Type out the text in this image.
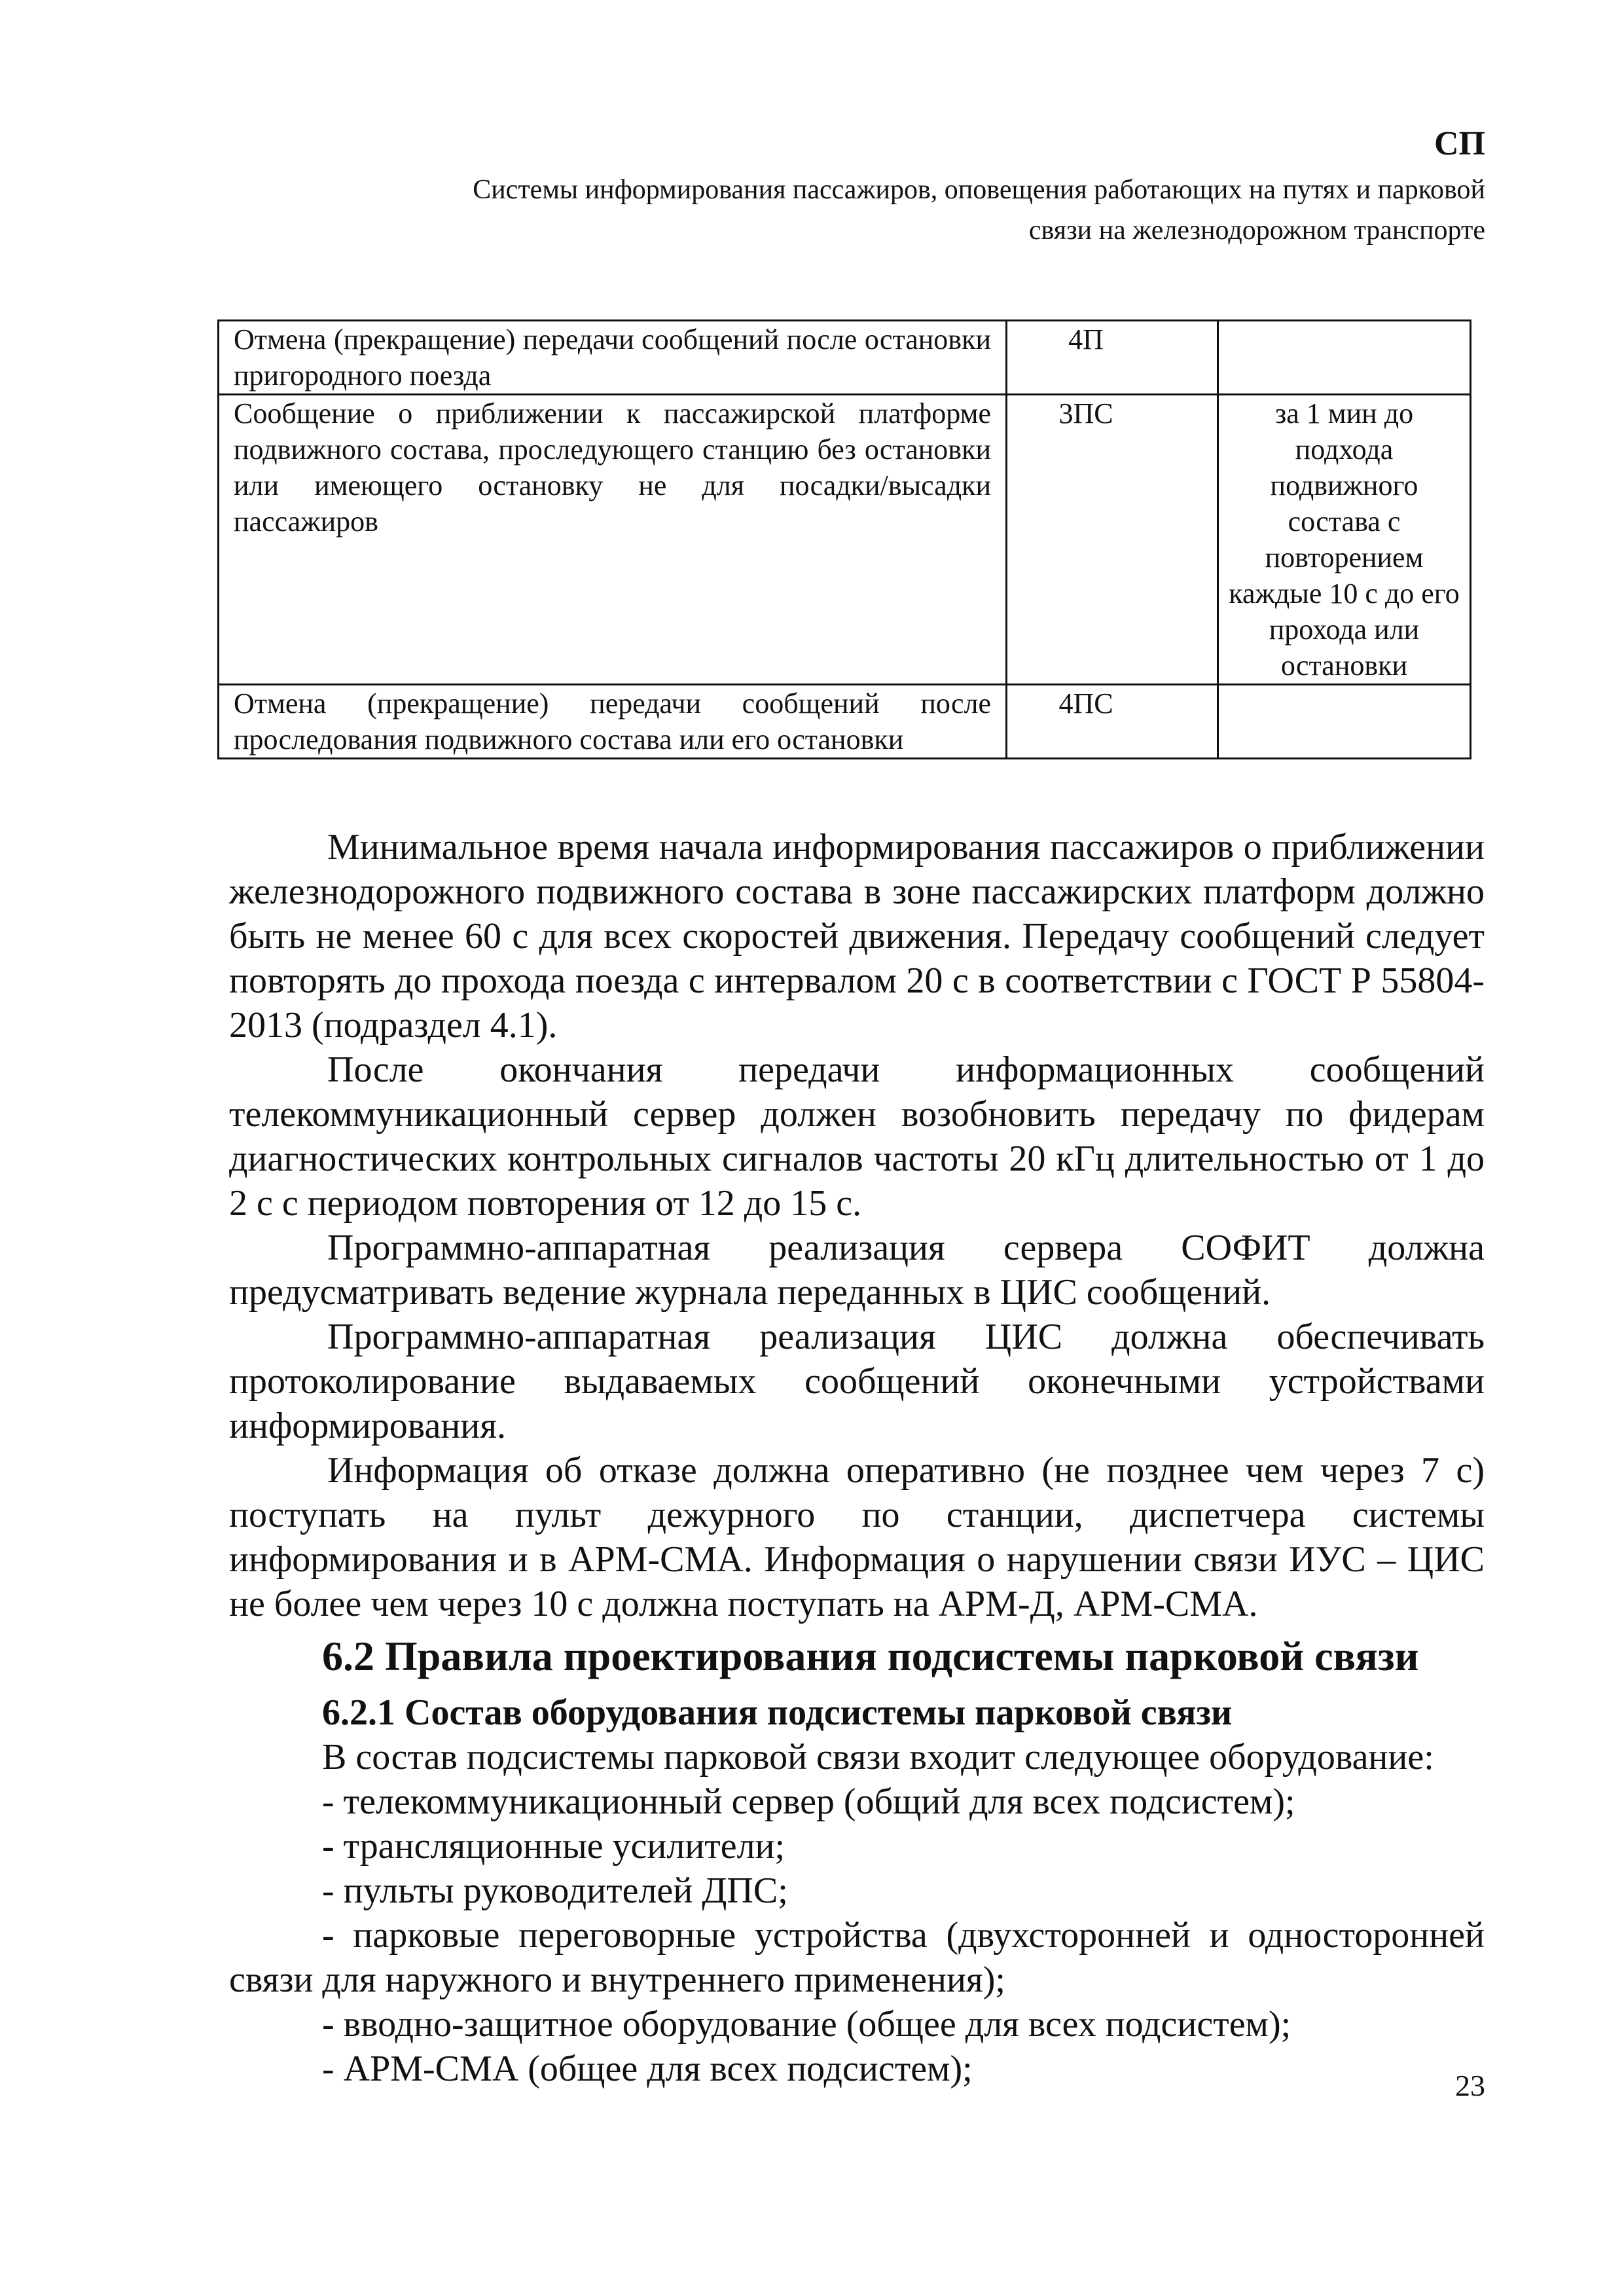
СП
Системы информирования пассажиров, оповещения работающих на путях и парковой
связи на железнодорожном транспорте
Отмена (прекращение) передачи сообщений после остановки пригородного поезда	4П	
Сообщение о приближении к пассажирской платформе подвижного состава, проследующего станцию без остановки или имеющего остановку не для посадки/высадки пассажиров	3ПС	за 1 мин до подхода подвижного состава с повторением каждые 10 с до его прохода или остановки
Отмена (прекращение) передачи сообщений после проследования подвижного состава или его остановки	4ПС	

Минимальное время начала информирования пассажиров о приближении железнодорожного подвижного состава в зоне пассажирских платформ должно быть не менее 60 с для всех скоростей движения. Передачу сообщений следует повторять до прохода поезда с интервалом 20 с в соответствии с ГОСТ Р 55804-2013 (подраздел 4.1).

После окончания передачи информационных сообщений телекоммуникационный сервер должен возобновить передачу по фидерам диагностических контрольных сигналов частоты 20 кГц длительностью от 1 до 2 с с периодом повторения от 12 до 15 с.

Программно-аппаратная реализация сервера СОФИТ должна предусматривать ведение журнала переданных в ЦИС сообщений.

Программно-аппаратная реализация ЦИС должна обеспечивать протоколирование выдаваемых сообщений оконечными устройствами информирования.

Информация об отказе должна оперативно (не позднее чем через 7 с) поступать на пульт дежурного по станции, диспетчера системы информирования и в АРМ-СМА. Информация о нарушении связи ИУС – ЦИС не более чем через 10 с должна поступать на АРМ-Д, АРМ-СМА.

6.2 Правила проектирования подсистемы парковой связи
6.2.1 Состав оборудования подсистемы парковой связи

В состав подсистемы парковой связи входит следующее оборудование:

- телекоммуникационный сервер (общий для всех подсистем);

- трансляционные усилители;

- пульты руководителей ДПС;

- парковые переговорные устройства (двухсторонней и односторонней связи для наружного и внутреннего применения);

- вводно-защитное оборудование (общее для всех подсистем);

- АРМ-СМА (общее для всех подсистем);	23
